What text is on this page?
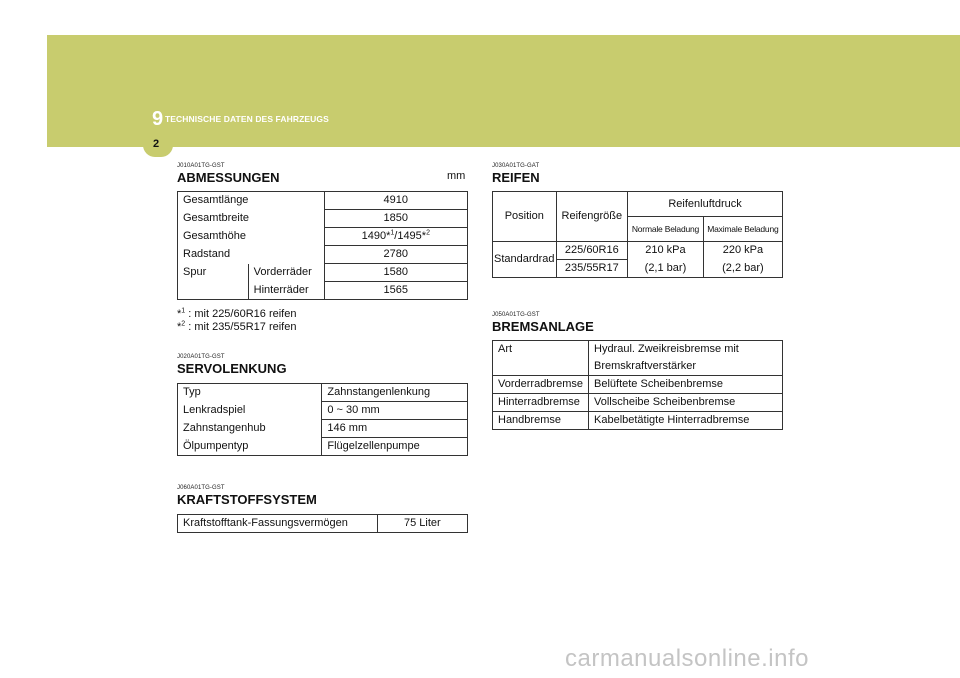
9 TECHNISCHE DATEN DES FAHRZEUGS
2
J010A01TG-GST
ABMESSUNGEN	mm
Gesamtlänge		4910
Gesamtbreite		1850
Gesamthöhe		1490*$^1$/1495*$^2$
Radstand		2780
Spur	Vorderräder	1580
	Hinterräder	1565
*$^1$ : mit 225/60R16 reifen
*$^2$ : mit 235/55R17 reifen
J020A01TG-GST
SERVOLENKUNG
Typ	Zahnstangenlenkung
Lenkradspiel	0 ~ 30 mm
Zahnstangenhub	146 mm
Ölpumpentyp	Flügelzellenpumpe
J060A01TG-GST
KRAFTSTOFFSYSTEM
Kraftstofftank-Fassungsvermögen	75 Liter
J030A01TG-GAT
REIFEN
Position	Reifengröße	Reifenluftdruck	
		Normale Beladung	Maximale Beladung
Standardrad	225/60R16	210 kPa	220 kPa
	235/55R17	(2,1 bar)	(2,2 bar)
J050A01TG-GST
BREMSANLAGE
Art	Hydraul. Zweikreisbremse mit
Bremskraftverstärker

Vorderradbremse	Belüftete Scheibenbremse
Hinterradbremse	Vollscheibe Scheibenbremse
Handbremse	Kabelbetätigte Hinterradbremse
carmanualsonline.info
